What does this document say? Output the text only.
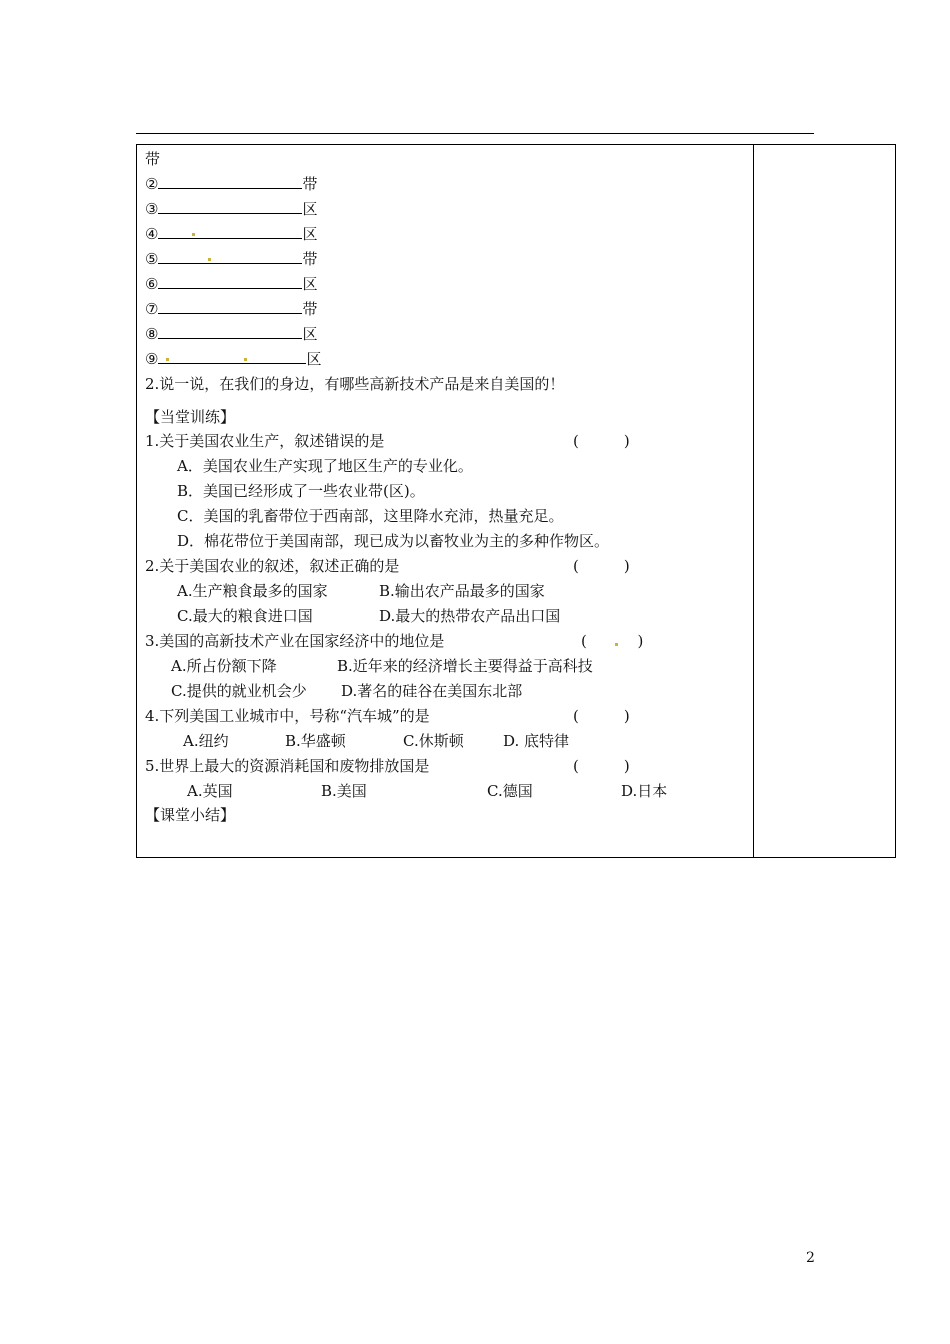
带
②	带
③	区
④	区
⑤	带
⑥	区
⑦	带
⑧	区
⑨	区
2.说一说，在我们的身边，有哪些高新技术产品是来自美国的！
【当堂训练】
1.关于美国农业生产，叙述错误的是	(　　　)
A．美国农业生产实现了地区生产的专业化。
B．美国已经形成了一些农业带(区)。
C．美国的乳畜带位于西南部，这里降水充沛，热量充足。
D．棉花带位于美国南部，现已成为以畜牧业为主的多种作物区。
2.关于美国农业的叙述，叙述正确的是	(　　　)
A.生产粮食最多的国家	B.输出农产品最多的国家
C.最大的粮食进口国	D.最大的热带农产品出口国
3.美国的高新技术产业在国家经济中的地位是	(	)
A.所占份额下降	B.近年来的经济增长主要得益于高科技
C.提供的就业机会少 D.著名的硅谷在美国东北部
4.下列美国工业城市中，号称“汽车城”的是	(　　　)
A.纽约	B.华盛顿	C.休斯顿	D. 底特律
5.世界上最大的资源消耗国和废物排放国是	(　　　)
A.英国	B.美国	C.德国	D.日本
【课堂小结】
2
